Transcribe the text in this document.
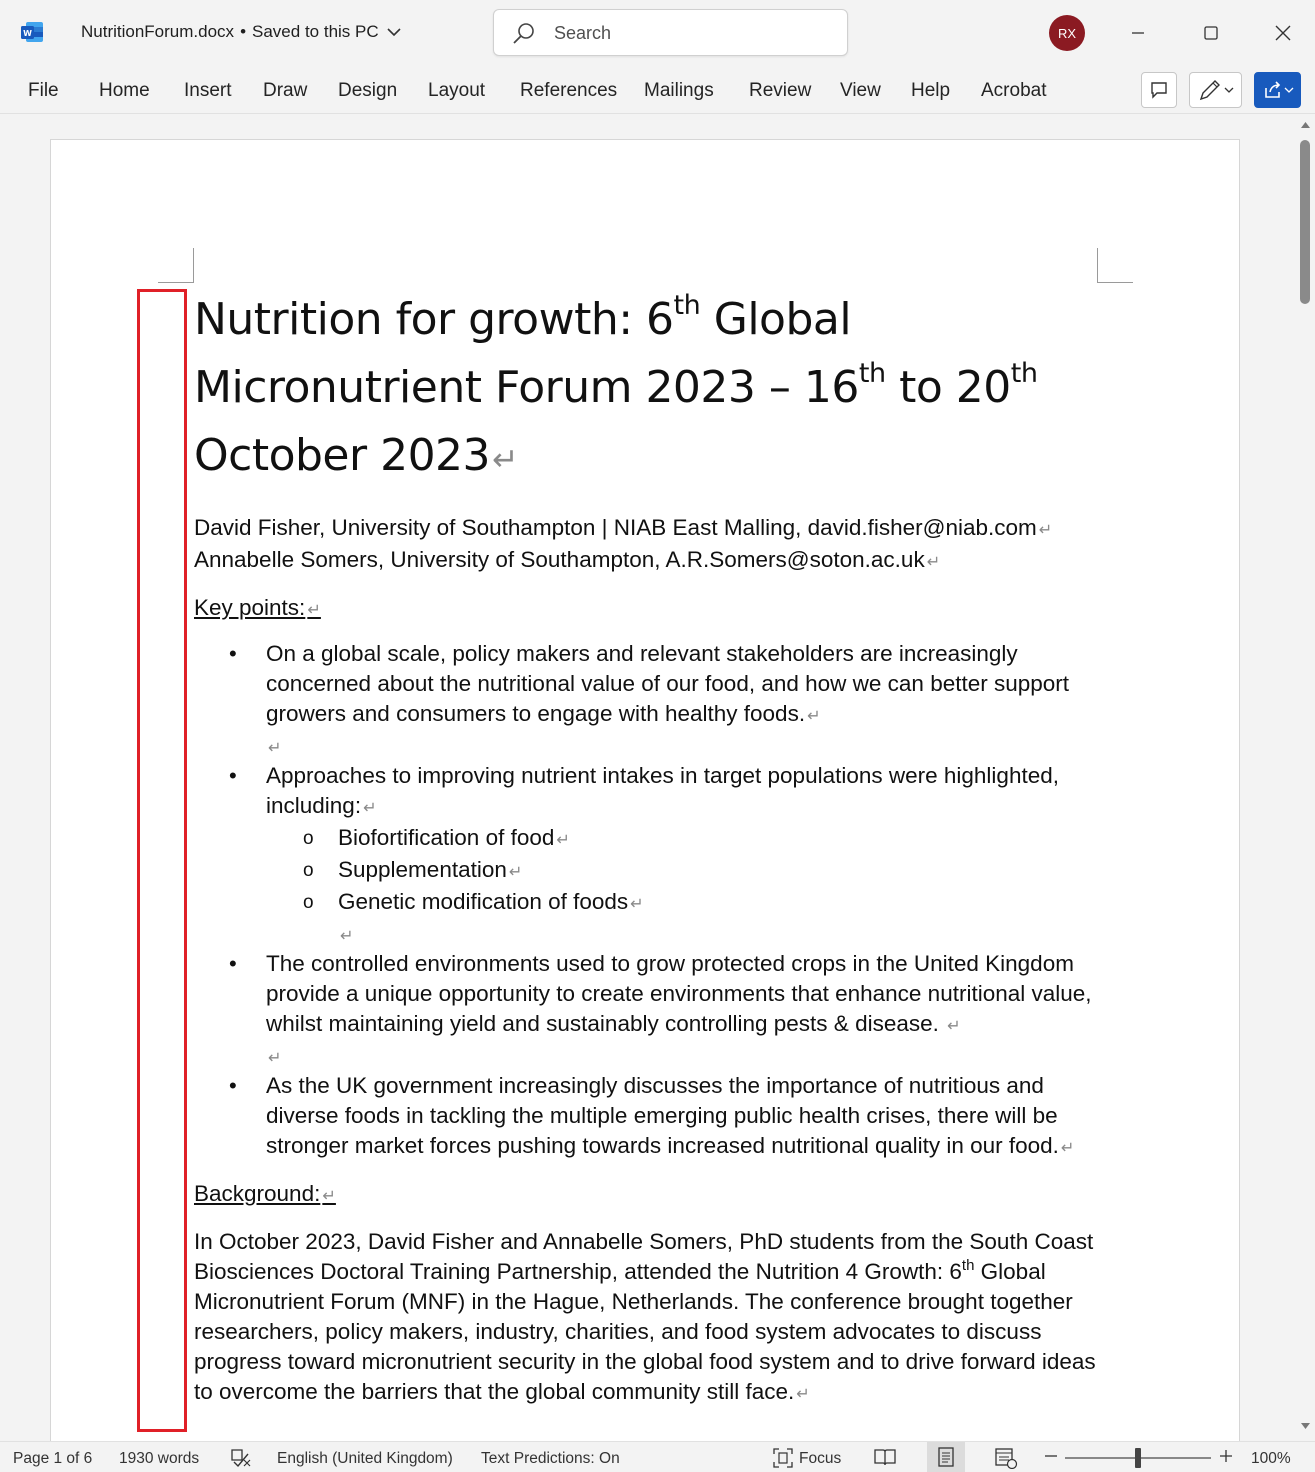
W	NutritionForum.docx • Saved to this PC	Search	RX
File Home Insert Draw Design Layout References Mailings Review View Help Acrobat
Nutrition for growth: 6th Global Micronutrient Forum 2023 – 16th to 20th October 2023↵
David Fisher, University of Southampton | NIAB East Malling, david.fisher@niab.com ↵
Annabelle Somers, University of Southampton, A.R.Somers@soton.ac.uk ↵
Key points: ↵
• On a global scale, policy makers and relevant stakeholders are increasingly concerned about the nutritional value of our food, and how we can better support growers and consumers to engage with healthy foods. ↵
↵
• Approaches to improving nutrient intakes in target populations were highlighted, including: ↵
o Biofortification of food ↵
o Supplementation ↵
o Genetic modification of foods ↵
↵
• The controlled environments used to grow protected crops in the United Kingdom provide a unique opportunity to create environments that enhance nutritional value, whilst maintaining yield and sustainably controlling pests & disease. ↵
↵
• As the UK government increasingly discusses the importance of nutritious and diverse foods in tackling the multiple emerging public health crises, there will be stronger market forces pushing towards increased nutritional quality in our food. ↵
Background: ↵
In October 2023, David Fisher and Annabelle Somers, PhD students from the South Coast Biosciences Doctoral Training Partnership, attended the Nutrition 4 Growth: 6th Global Micronutrient Forum (MNF) in the Hague, Netherlands. The conference brought together researchers, policy makers, industry, charities, and food system advocates to discuss progress toward micronutrient security in the global food system and to drive forward ideas to overcome the barriers that the global community still face. ↵
Page 1 of 6 1930 words	English (United Kingdom) Text Predictions: On	Focus	100%
